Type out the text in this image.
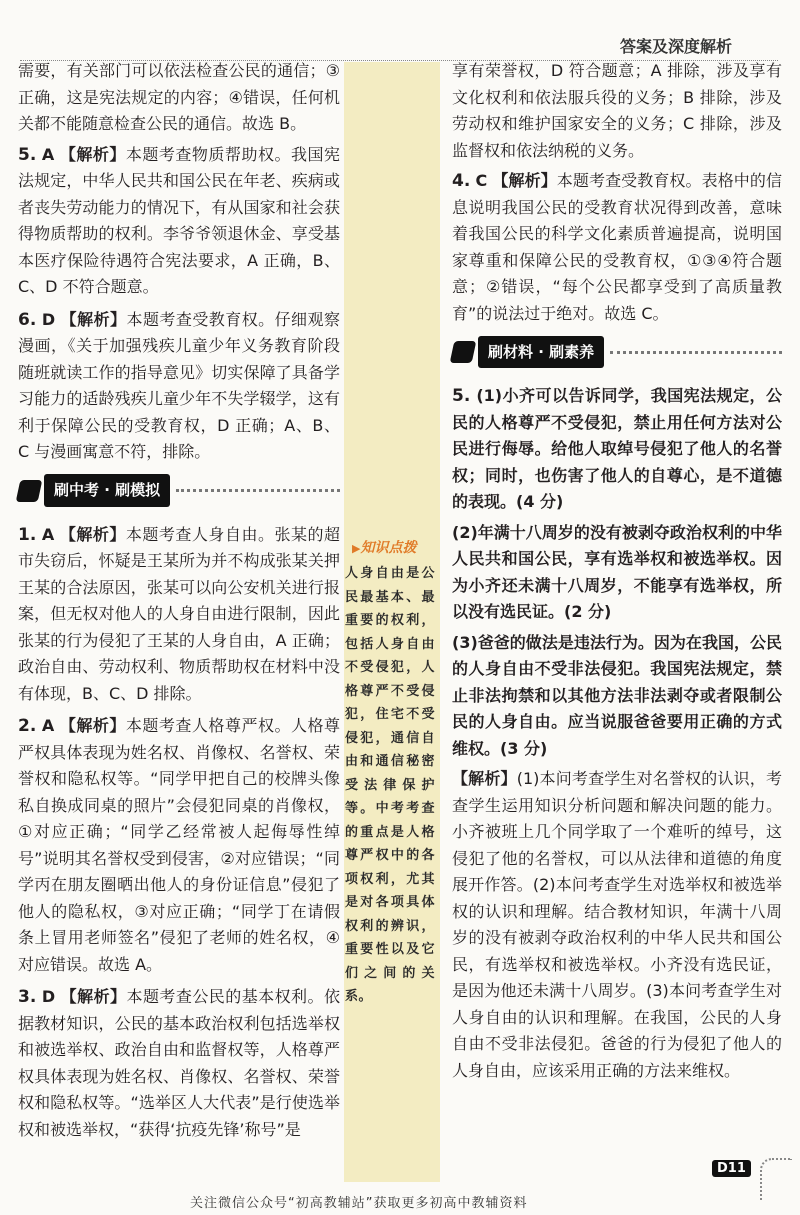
答案及深度解析
▶知识点拨
人身自由是公民最基本、最重要的权利，包括人身自由不受侵犯，人格尊严不受侵犯，住宅不受侵犯，通信自由和通信秘密受法律保护等。中考考查的重点是人格尊严权中的各项权利，尤其是对各项具体权利的辨识，重要性以及它们之间的关系。

需要，有关部门可以依法检查公民的通信；③正确，这是宪法规定的内容；④错误，任何机关都不能随意检查公民的通信。故选 B。

5. A 【解析】本题考查物质帮助权。我国宪法规定，中华人民共和国公民在年老、疾病或者丧失劳动能力的情况下，有从国家和社会获得物质帮助的权利。李爷爷领退休金、享受基本医疗保险待遇符合宪法要求，A 正确，B、C、D 不符合题意。

6. D 【解析】本题考查受教育权。仔细观察漫画，《关于加强残疾儿童少年义务教育阶段随班就读工作的指导意见》切实保障了具备学习能力的适龄残疾儿童少年不失学辍学，这有利于保障公民的受教育权，D 正确；A、B、C 与漫画寓意不符，排除。

刷中考 · 刷模拟

1. A 【解析】本题考查人身自由。张某的超市失窃后，怀疑是王某所为并不构成张某关押王某的合法原因，张某可以向公安机关进行报案，但无权对他人的人身自由进行限制，因此张某的行为侵犯了王某的人身自由，A 正确；政治自由、劳动权利、物质帮助权在材料中没有体现，B、C、D 排除。

2. A 【解析】本题考查人格尊严权。人格尊严权具体表现为姓名权、肖像权、名誉权、荣誉权和隐私权等。“同学甲把自己的校牌头像私自换成同桌的照片”会侵犯同桌的肖像权，①对应正确；“同学乙经常被人起侮辱性绰号”说明其名誉权受到侵害，②对应错误；“同学丙在朋友圈晒出他人的身份证信息”侵犯了他人的隐私权，③对应正确；“同学丁在请假条上冒用老师签名”侵犯了老师的姓名权，④对应错误。故选 A。

3. D 【解析】本题考查公民的基本权利。依据教材知识，公民的基本政治权利包括选举权和被选举权、政治自由和监督权等，人格尊严权具体表现为姓名权、肖像权、名誉权、荣誉权和隐私权等。“选举区人大代表”是行使选举权和被选举权，“获得‘抗疫先锋’称号”是

享有荣誉权，D 符合题意；A 排除，涉及享有文化权利和依法服兵役的义务；B 排除，涉及劳动权和维护国家安全的义务；C 排除，涉及监督权和依法纳税的义务。

4. C 【解析】本题考查受教育权。表格中的信息说明我国公民的受教育状况得到改善，意味着我国公民的科学文化素质普遍提高，说明国家尊重和保障公民的受教育权，①③④符合题意；②错误，“每个公民都享受到了高质量教育”的说法过于绝对。故选 C。

刷材料 · 刷素养

5. (1)小齐可以告诉同学，我国宪法规定，公民的人格尊严不受侵犯，禁止用任何方法对公民进行侮辱。给他人取绰号侵犯了他人的名誉权；同时，也伤害了他人的自尊心，是不道德的表现。(4 分)

(2)年满十八周岁的没有被剥夺政治权利的中华人民共和国公民，享有选举权和被选举权。因为小齐还未满十八周岁，不能享有选举权，所以没有选民证。(2 分)

(3)爸爸的做法是违法行为。因为在我国，公民的人身自由不受非法侵犯。我国宪法规定，禁止非法拘禁和以其他方法非法剥夺或者限制公民的人身自由。应当说服爸爸要用正确的方式维权。(3 分)

【解析】(1)本问考查学生对名誉权的认识，考查学生运用知识分析问题和解决问题的能力。小齐被班上几个同学取了一个难听的绰号，这侵犯了他的名誉权，可以从法律和道德的角度展开作答。(2)本问考查学生对选举权和被选举权的认识和理解。结合教材知识，年满十八周岁的没有被剥夺政治权利的中华人民共和国公民，有选举权和被选举权。小齐没有选民证，是因为他还未满十八周岁。(3)本问考查学生对人身自由的认识和理解。在我国，公民的人身自由不受非法侵犯。爸爸的行为侵犯了他人的人身自由，应该采用正确的方法来维权。

D11
关注微信公众号“初高教辅站”获取更多初高中教辅资料
